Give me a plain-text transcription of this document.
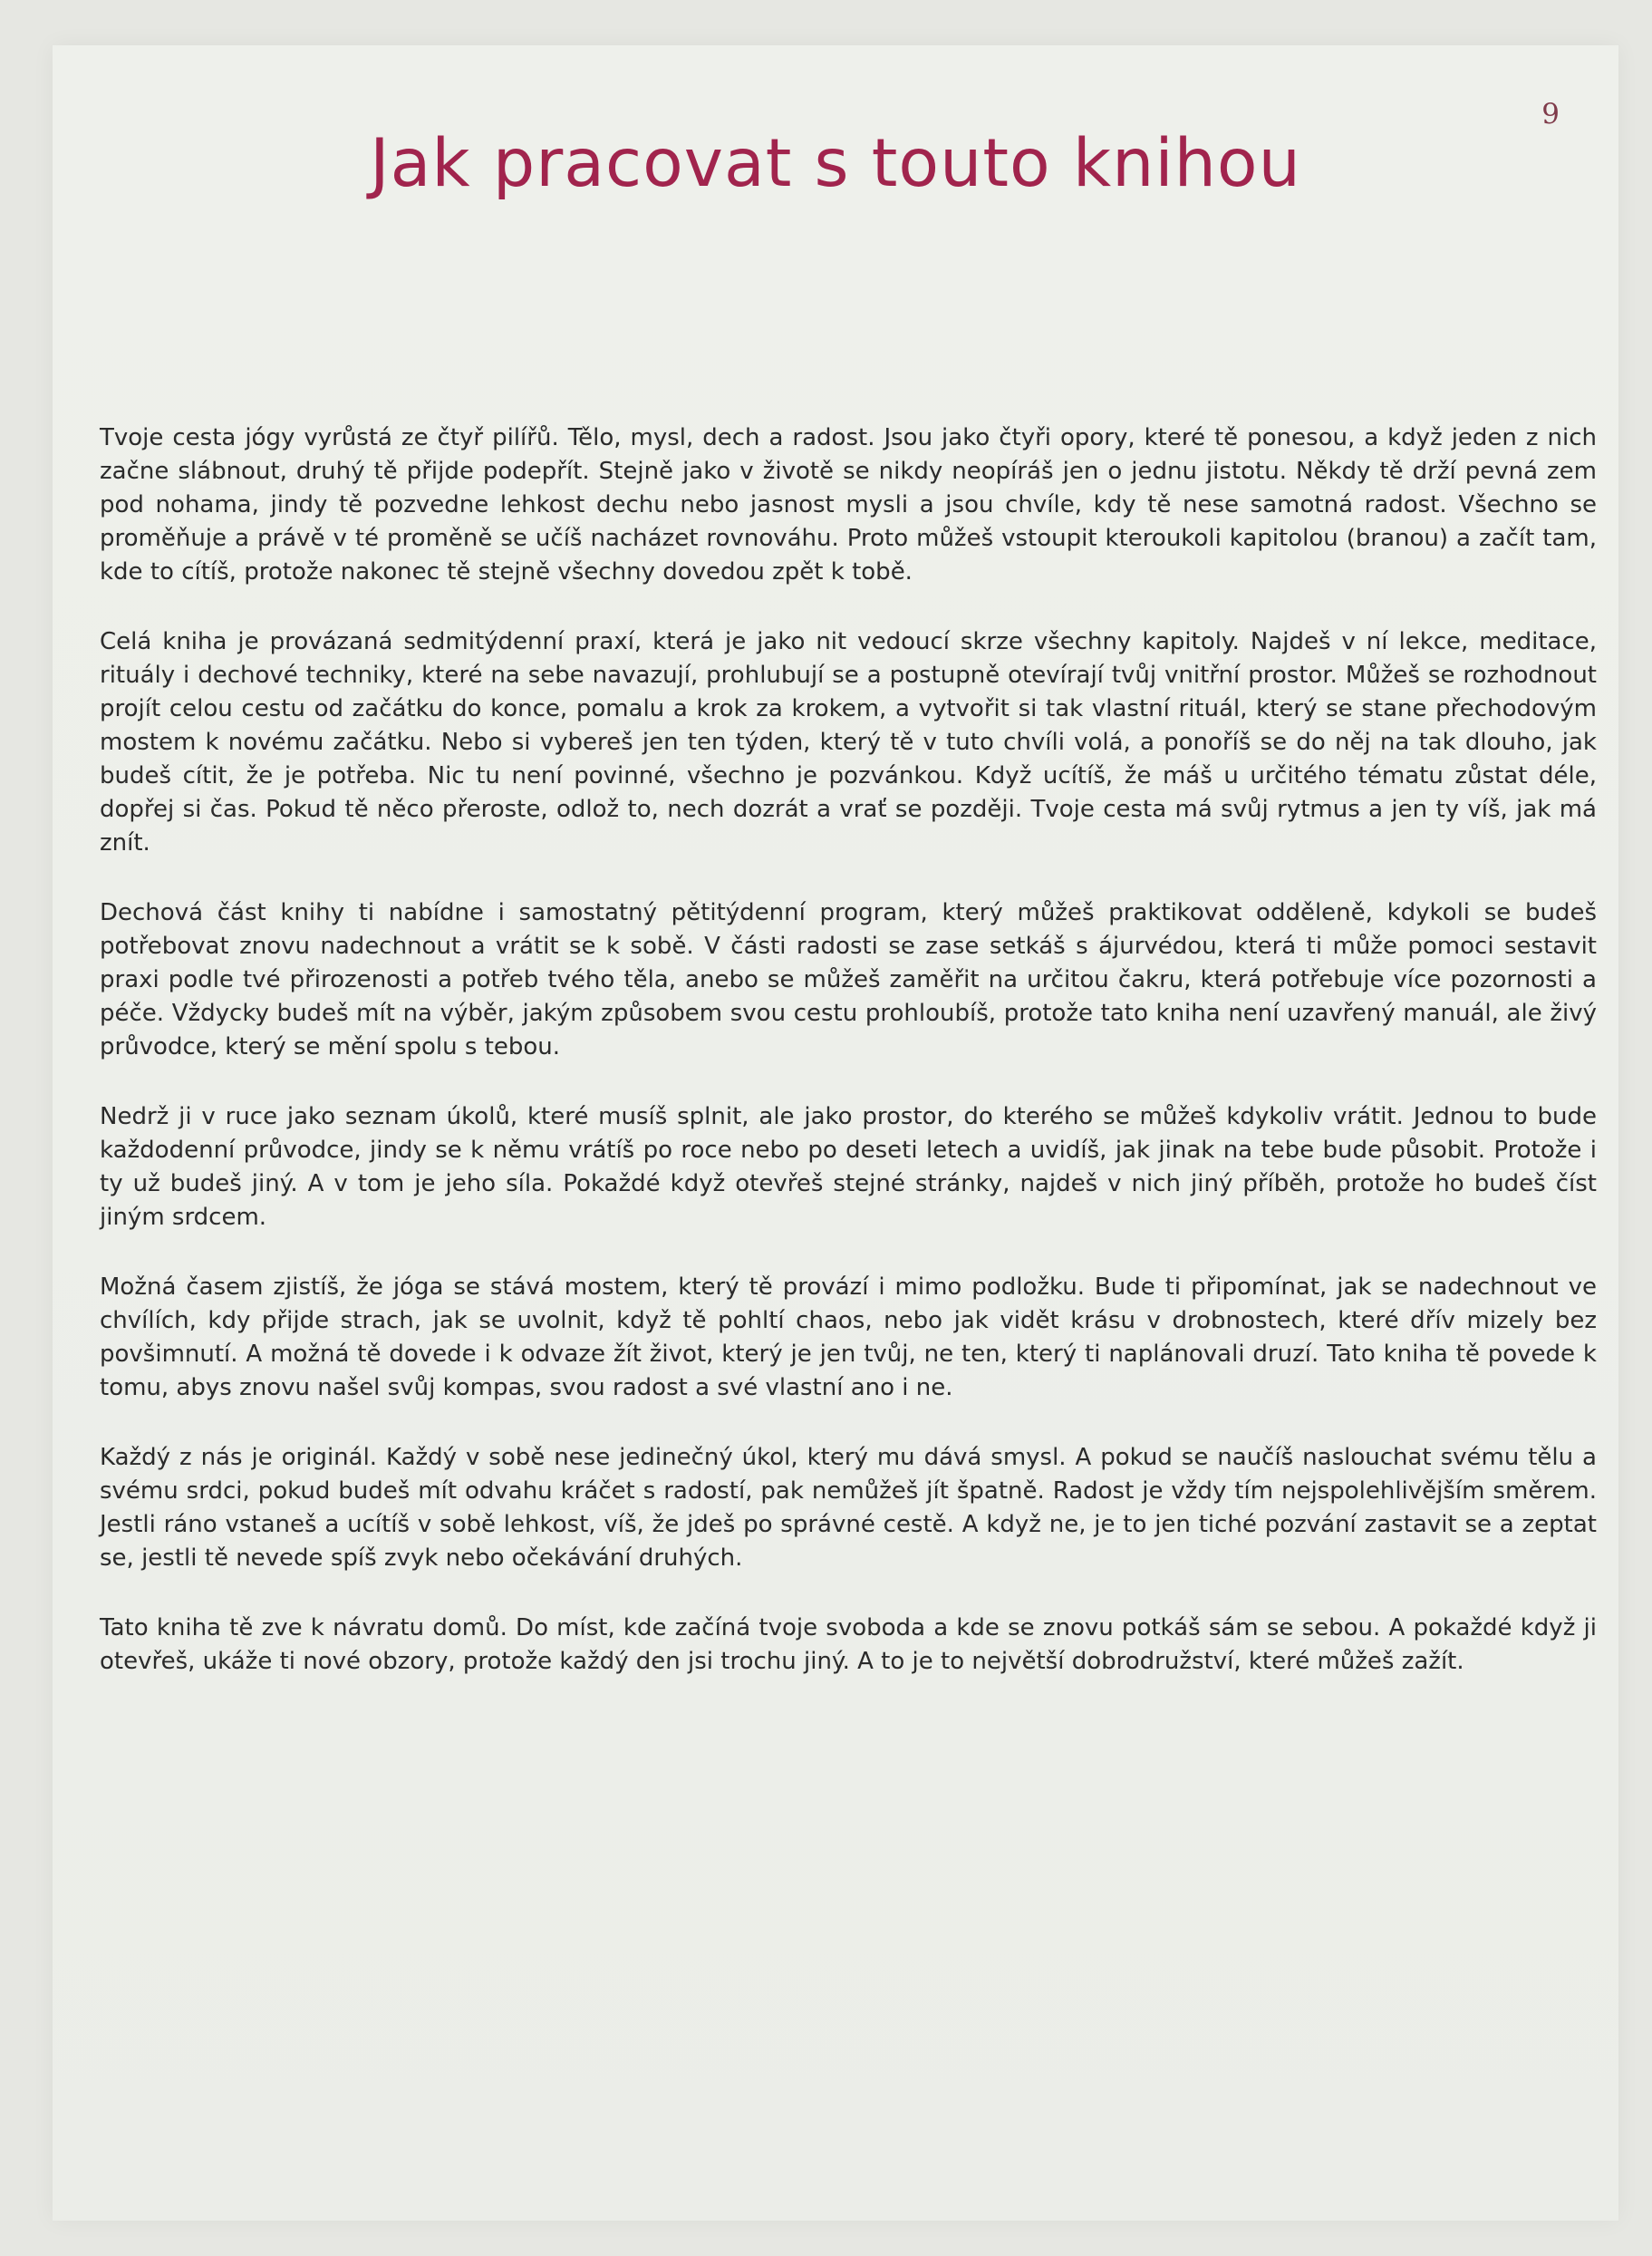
9
Jak pracovat s touto knihou

Tvoje cesta jógy vyrůstá ze čtyř pilířů. Tělo, mysl, dech a radost. Jsou jako čtyři opory, které tě ponesou, a když jeden z nich začne slábnout, druhý tě přijde podepřít. Stejně jako v životě se nikdy neopíráš jen o jednu jistotu. Někdy tě drží pevná zem pod nohama, jindy tě pozvedne lehkost dechu nebo jasnost mysli a jsou chvíle, kdy tě nese samotná radost. Všechno se proměňuje a právě v té proměně se učíš nacházet rovnováhu. Proto můžeš vstoupit kteroukoli kapitolou (branou) a začít tam, kde to cítíš, protože nakonec tě stejně všechny dovedou zpět k tobě.

Celá kniha je provázaná sedmitýdenní praxí, která je jako nit vedoucí skrze všechny kapitoly. Najdeš v ní lekce, meditace, rituály i dechové techniky, které na sebe navazují, prohlubují se a postupně otevírají tvůj vnitřní prostor. Můžeš se rozhodnout projít celou cestu od začátku do konce, pomalu a krok za krokem, a vytvořit si tak vlastní rituál, který se stane přechodovým mostem k novému začátku. Nebo si vybereš jen ten týden, který tě v tuto chvíli volá, a ponoříš se do něj na tak dlouho, jak budeš cítit, že je potřeba. Nic tu není povinné, všechno je pozvánkou. Když ucítíš, že máš u určitého tématu zůstat déle, dopřej si čas. Pokud tě něco přeroste, odlož to, nech dozrát a vrať se později. Tvoje cesta má svůj rytmus a jen ty víš, jak má znít.

Dechová část knihy ti nabídne i samostatný pětitýdenní program, který můžeš praktikovat odděleně, kdykoli se budeš potřebovat znovu nadechnout a vrátit se k sobě. V části radosti se zase setkáš s ájurvédou, která ti může pomoci sestavit praxi podle tvé přirozenosti a potřeb tvého těla, anebo se můžeš zaměřit na určitou čakru, která potřebuje více pozornosti a péče. Vždycky budeš mít na výběr, jakým způsobem svou cestu prohloubíš, protože tato kniha není uzavřený manuál, ale živý průvodce, který se mění spolu s tebou.

Nedrž ji v ruce jako seznam úkolů, které musíš splnit, ale jako prostor, do kterého se můžeš kdykoliv vrátit. Jednou to bude každodenní průvodce, jindy se k němu vrátíš po roce nebo po deseti letech a uvidíš, jak jinak na tebe bude působit. Protože i ty už budeš jiný. A v tom je jeho síla. Pokaždé když otevřeš stejné stránky, najdeš v nich jiný příběh, protože ho budeš číst jiným srdcem.

Možná časem zjistíš, že jóga se stává mostem, který tě provází i mimo podložku. Bude ti připomínat, jak se nadechnout ve chvílích, kdy přijde strach, jak se uvolnit, když tě pohltí chaos, nebo jak vidět krásu v drobnostech, které dřív mizely bez povšimnutí. A možná tě dovede i k odvaze žít život, který je jen tvůj, ne ten, který ti naplánovali druzí. Tato kniha tě povede k tomu, abys znovu našel svůj kompas, svou radost a své vlastní ano i ne.

Každý z nás je originál. Každý v sobě nese jedinečný úkol, který mu dává smysl. A pokud se naučíš naslouchat svému tělu a svému srdci, pokud budeš mít odvahu kráčet s radostí, pak nemůžeš jít špatně. Radost je vždy tím nejspolehlivějším směrem. Jestli ráno vstaneš a ucítíš v sobě lehkost, víš, že jdeš po správné cestě. A když ne, je to jen tiché pozvání zastavit se a zeptat se, jestli tě nevede spíš zvyk nebo očekávání druhých.

Tato kniha tě zve k návratu domů. Do míst, kde začíná tvoje svoboda a kde se znovu potkáš sám se sebou. A pokaždé když ji otevřeš, ukáže ti nové obzory, protože každý den jsi trochu jiný. A to je to největší dobrodružství, které můžeš zažít.
